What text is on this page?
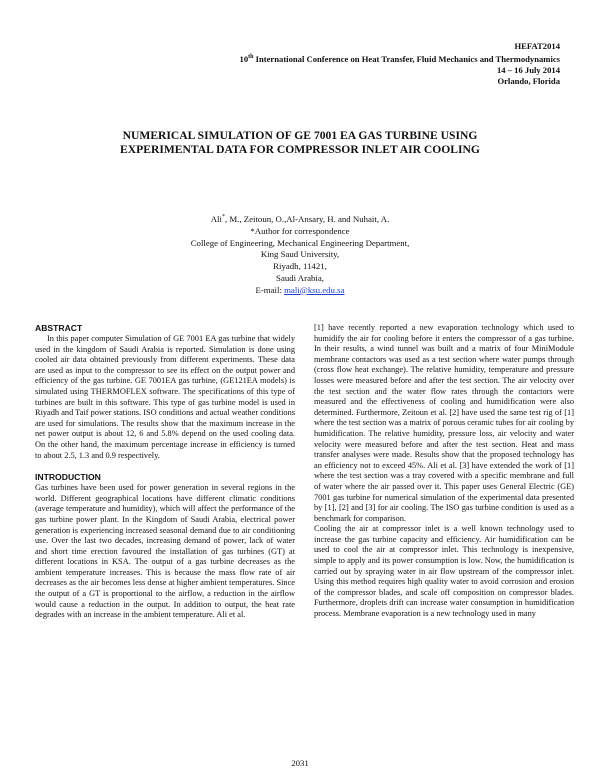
HEFAT2014
10th International Conference on Heat Transfer, Fluid Mechanics and Thermodynamics
14 – 16 July 2014
Orlando, Florida
NUMERICAL SIMULATION OF GE 7001 EA GAS TURBINE USING
EXPERIMENTAL DATA FOR COMPRESSOR INLET AIR COOLING
Ali*, M., Zeitoun, O.,Al-Ansary, H. and Nuhait, A.
*Author for correspondence
College of Engineering, Mechanical Engineering Department,
King Saud University,
Riyadh, 11421,
Saudi Arabia,
E-mail: mali@ksu.edu.sa
ABSTRACT

In this paper computer Simulation of GE 7001 EA gas turbine that widely used in the kingdom of Saudi Arabia is reported. Simulation is done using cooled air data obtained previously from different experiments. These data are used as input to the compressor to see its effect on the output power and efficiency of the gas turbine. GE 7001EA gas turbine, (GE121EA models) is simulated using THERMOFLEX software. The specifications of this type of turbines are built in this software. This type of gas turbine model is used in Riyadh and Taif power stations. ISO conditions and actual weather conditions are used for simulations. The results show that the maximum increase in the net power output is about 12, 6 and 5.8% depend on the used cooling data. On the other hand, the maximum percentage increase in efficiency is turned to about 2.5, 1.3 and 0.9 respectively.

INTRODUCTION

Gas turbines have been used for power generation in several regions in the world. Different geographical locations have different climatic conditions (average temperature and humidity), which will affect the performance of the gas turbine power plant. In the Kingdom of Saudi Arabia, electrical power generation is experiencing increased seasonal demand due to air conditioning use. Over the last two decades, increasing demand of power, lack of water and short time erection favoured the installation of gas turbines (GT) at different locations in KSA. The output of a gas turbine decreases as the ambient temperature increases. This is because the mass flow rate of air decreases as the air becomes less dense at higher ambient temperatures. Since the output of a GT is proportional to the airflow, a reduction in the airflow would cause a reduction in the output. In addition to output, the heat rate degrades with an increase in the ambient temperature. Ali et al.

[1] have recently reported a new evaporation technology which used to humidify the air for cooling before it enters the compressor of a gas turbine. In their results, a wind tunnel was built and a matrix of four MiniModule membrane contactors was used as a test section where water pumps through (cross flow heat exchange). The relative humidity, temperature and pressure losses were measured before and after the test section. The air velocity over the test section and the water flow rates through the contactors were measured and the effectiveness of cooling and humidification were also determined. Furthermore, Zeitoun et al. [2] have used the same test rig of [1] where the test section was a matrix of porous ceramic tubes for air cooling by humidification. The relative humidity, pressure loss, air velocity and water velocity were measured before and after the test section. Heat and mass transfer analyses were made. Results show that the proposed technology has an efficiency not to exceed 45%. Ali et al. [3] have extended the work of [1] where the test section was a tray covered with a specific membrane and full of water where the air passed over it. This paper uses General Electric (GE) 7001 gas turbine for numerical simulation of the experimental data presented by [1], [2] and [3] for air cooling. The ISO gas turbine condition is used as a benchmark for comparison.

Cooling the air at compressor inlet is a well known technology used to increase the gas turbine capacity and efficiency. Air humidification can be used to cool the air at compressor inlet. This technology is inexpensive, simple to apply and its power consumption is low. Now, the humidification is carried out by spraying water in air flow upstream of the compressor inlet. Using this method requires high quality water to avoid corrosion and erosion of the compressor blades, and scale off composition on compressor blades. Furthermore, droplets drift can increase water consumption in humidification process. Membrane evaporation is a new technology used in many

2031
